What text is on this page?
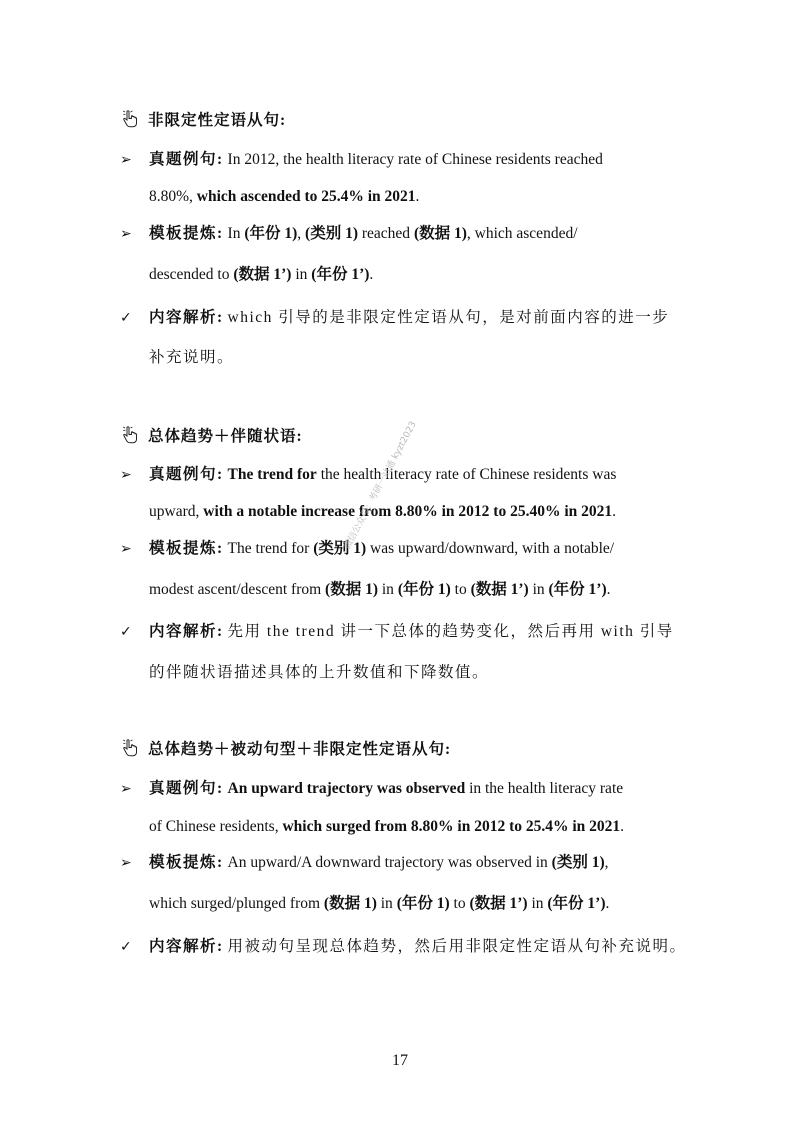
非限定性定语从句:
➢ 真题例句: In 2012, the health literacy rate of Chinese residents reached
8.80%, which ascended to 25.4% in 2021.
➢ 模板提炼: In (年份 1), (类别 1) reached (数据 1), which ascended/
descended to (数据 1’) in (年份 1’).
✓ 内容解析: which 引导的是非限定性定语从句，是对前面内容的进一步
补充说明。
总体趋势＋伴随状语:
➢ 真题例句: The trend for the health literacy rate of Chinese residents was
upward, with a notable increase from 8.80% in 2012 to 25.40% in 2021.
➢ 模板提炼: The trend for (类别 1) was upward/downward, with a notable/
modest ascent/descent from (数据 1) in (年份 1) to (数据 1’) in (年份 1’).
✓ 内容解析: 先用 the trend 讲一下总体的趋势变化，然后再用 with 引导
的伴随状语描述具体的上升数值和下降数值。
总体趋势＋被动句型＋非限定性定语从句:
➢ 真题例句: An upward trajectory was observed in the health literacy rate
of Chinese residents, which surged from 8.80% in 2012 to 25.4% in 2021.
➢ 模板提炼: An upward/A downward trajectory was observed in (类别 1),
which surged/plunged from (数据 1) in (年份 1) to (数据 1’) in (年份 1’).
✓ 内容解析: 用被动句呈现总体趋势，然后用非限定性定语从句补充说明。
微信公众号：考研一站通 kyzt2023
17
